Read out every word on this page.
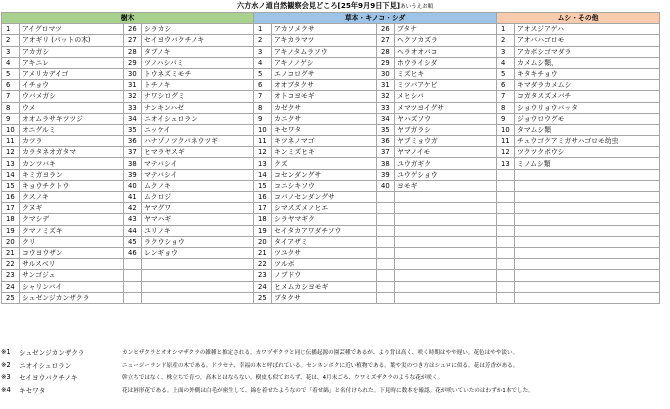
六方水ノ道自然観察会見どころ[25年9月9日下見]あいうえお順
樹木				草本・キノコ・シダ				ムシ・その他	
1	アイグロマツ	26	シラカシ	1	アカソメクサ	26	ブタナ	1	アオスジアゲハ
2	アオギリ (パットの木)	27	セイヨウバクチノキ	2	アキカラマツ	27	ヘクソカズラ	2	アオバハゴロモ
3	アカガシ	28	タブノキ	3	アキノタムラソウ	28	ヘラオオバコ	3	アカボシゴマダラ
4	アキニレ	29	ツノハシバミ	4	アキノノゲシ	29	ホウライシダ	4	カメムシ類、
5	アメリカデイゴ	30	トウネズミモチ	5	エノコログサ	30	ミズヒキ	5	キタキチョウ
6	イチョウ	31	トチノキ	6	オオブタクサ	31	ミツバアケビ	6	キマダラカメムシ
7	ウバメガシ	32	ナワシログミ	7	オトコヨモギ	32	メヒシバ	7	コガタスズメバチ
8	ウメ	33	ナンキンハゼ	8	カゼクサ	33	メマツヨイグサ	8	ショウリョウバッタ
9	オオムラサキツツジ	34	ニオイシュロラン	9	カニクサ	34	ヤハズソウ	9	ジョウロウグモ
10	オニグルミ	35	ニッケイ	10	キセワタ	35	ヤブガラシ	10	タマムシ類
11	カツラ	36	ハナゾノツクバネウツギ	11	キツネノマゴ	36	ヤブミョウガ	11	チュウゴクアミガサハゴロモ幼虫
12	カラタネオガタマ	37	ヒマラヤスギ	12	キンミズヒキ	37	ヤマノイモ	12	ツクツクボウシ
13	カンツバキ	38	マテバシイ	13	クズ	38	ユウガギク	13	ミノムシ類
14	キミガヨラン	39	マテバシイ	14	コセンダングサ	39	ユウゲショウ		
15	キョウチクトウ	40	ムクノキ	15	コニシキソウ	40	ヨモギ		
16	クスノキ	41	ムクロジ	16	コバノセンダングサ				
17	クヌギ	42	ヤマグワ	17	シマスズメノヒエ				
18	クマシデ	43	ヤマハギ	18	シラヤマギク				
19	クマノミズキ	44	ユリノキ	19	セイタカアワダチソウ				
20	クリ	45	ラクウショウ	20	タイアザミ				
21	コウヨウザン	46	レンギョウ	21	ツユクサ				
22	サルスベリ			22	ツルボ				
23	サンゴジュ			23	ノブドウ				
24	シャリンバイ			24	ヒメムカシヨモギ				
25	シュゼンジカンザクラ			25	ブタクサ				
※1	シュゼンジカンザクラ	カンヒザクラとオオシマザクラの雑種と推定される。カワヅザクラと同じ伝播起源の園芸種であるが、より背は高く、咲く時期はやや遅い。花色はやや淡い。
※2	ニオイシュロラン	ニュージーランド原産の木である。ドラセナ、幸福の木と呼ばれている。センネンボクに近い植物である。葉や実のつき方はシュロに似る。花は芳香がある。
※3	セイヨウバクチノキ	幹立ちではなく、株立ちで育つ。高木とはならない。樹皮も似ておらず、花は、4月末ごろ、ウワミズザクラのような花が咲く。
※4	キセワタ	花は唇形花である。上面の外側は白毛が密生して、綿を着せたようなので「着せ綿」と名付けられた。下見時に数本を確認。花が咲いていたのはわずか1本でした。
